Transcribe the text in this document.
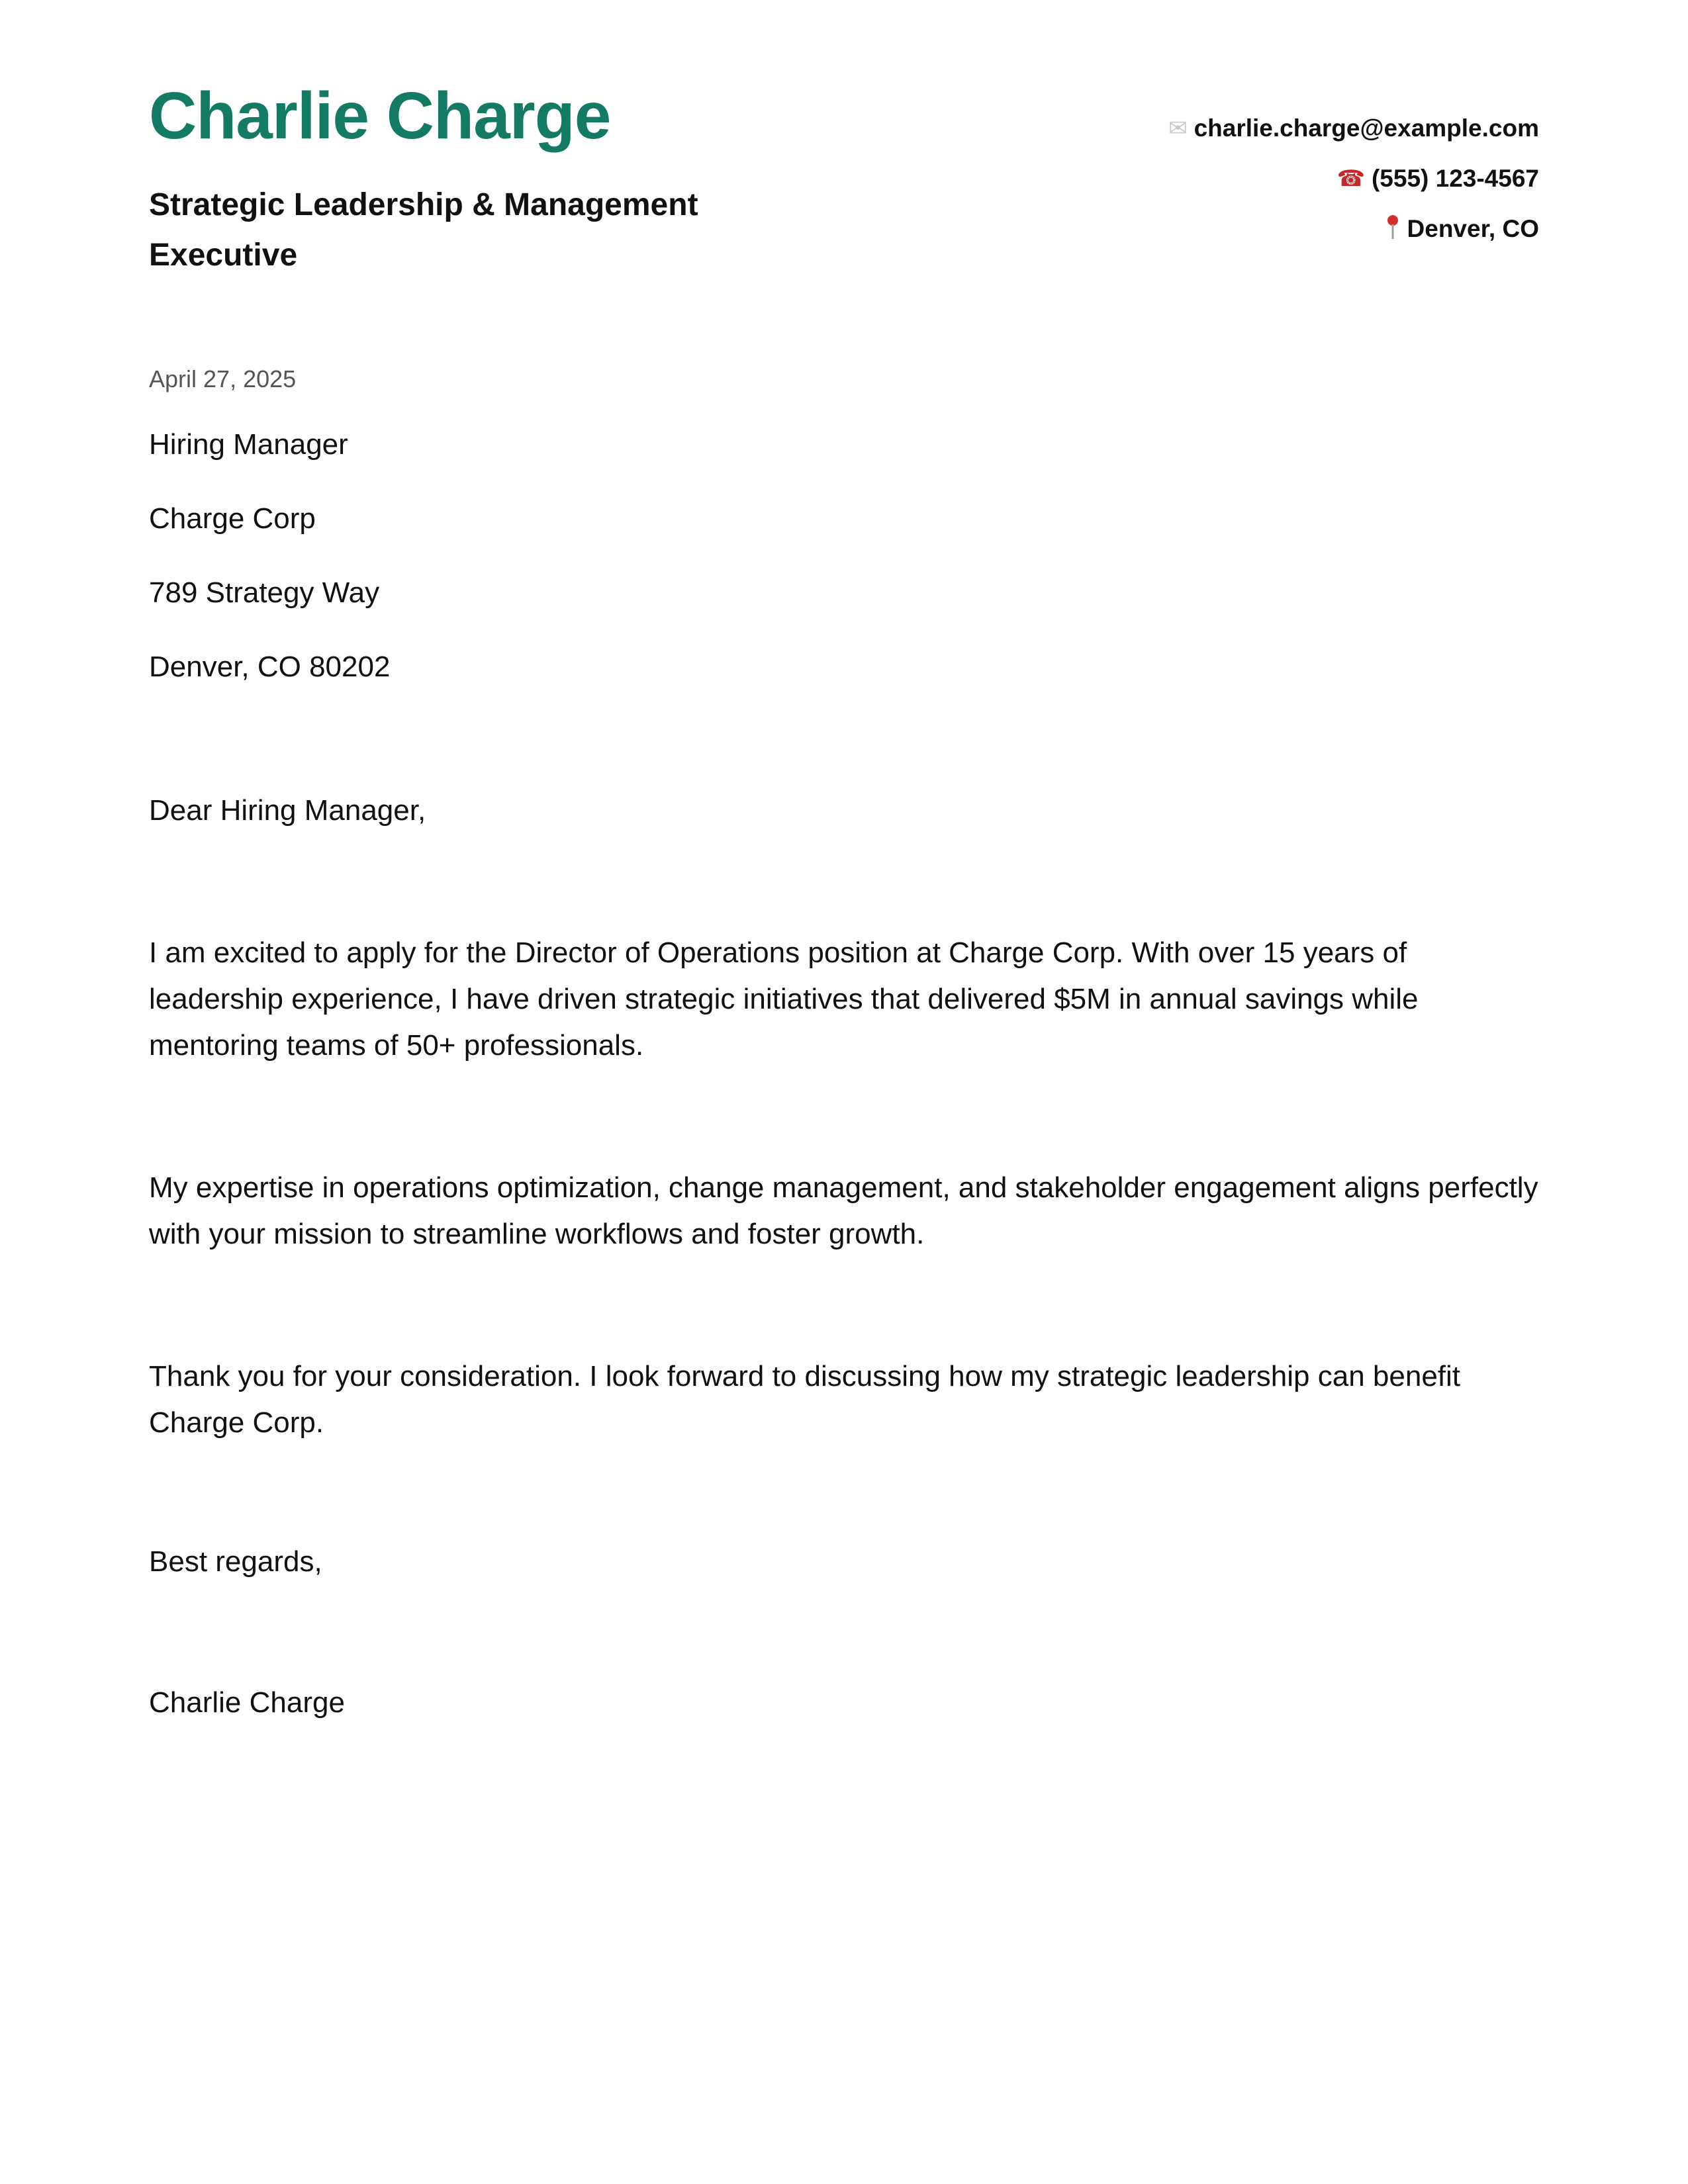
Charlie Charge
Strategic Leadership & Management Executive
✉ charlie.charge@example.com
☎ (555) 123-4567
Denver, CO
April 27, 2025
Hiring Manager
Charge Corp
789 Strategy Way
Denver, CO 80202
Dear Hiring Manager,
I am excited to apply for the Director of Operations position at Charge Corp. With over 15 years of leadership experience, I have driven strategic initiatives that delivered $5M in annual savings while mentoring teams of 50+ professionals.
My expertise in operations optimization, change management, and stakeholder engagement aligns perfectly with your mission to streamline workflows and foster growth.
Thank you for your consideration. I look forward to discussing how my strategic leadership can benefit Charge Corp.
Best regards,
Charlie Charge
